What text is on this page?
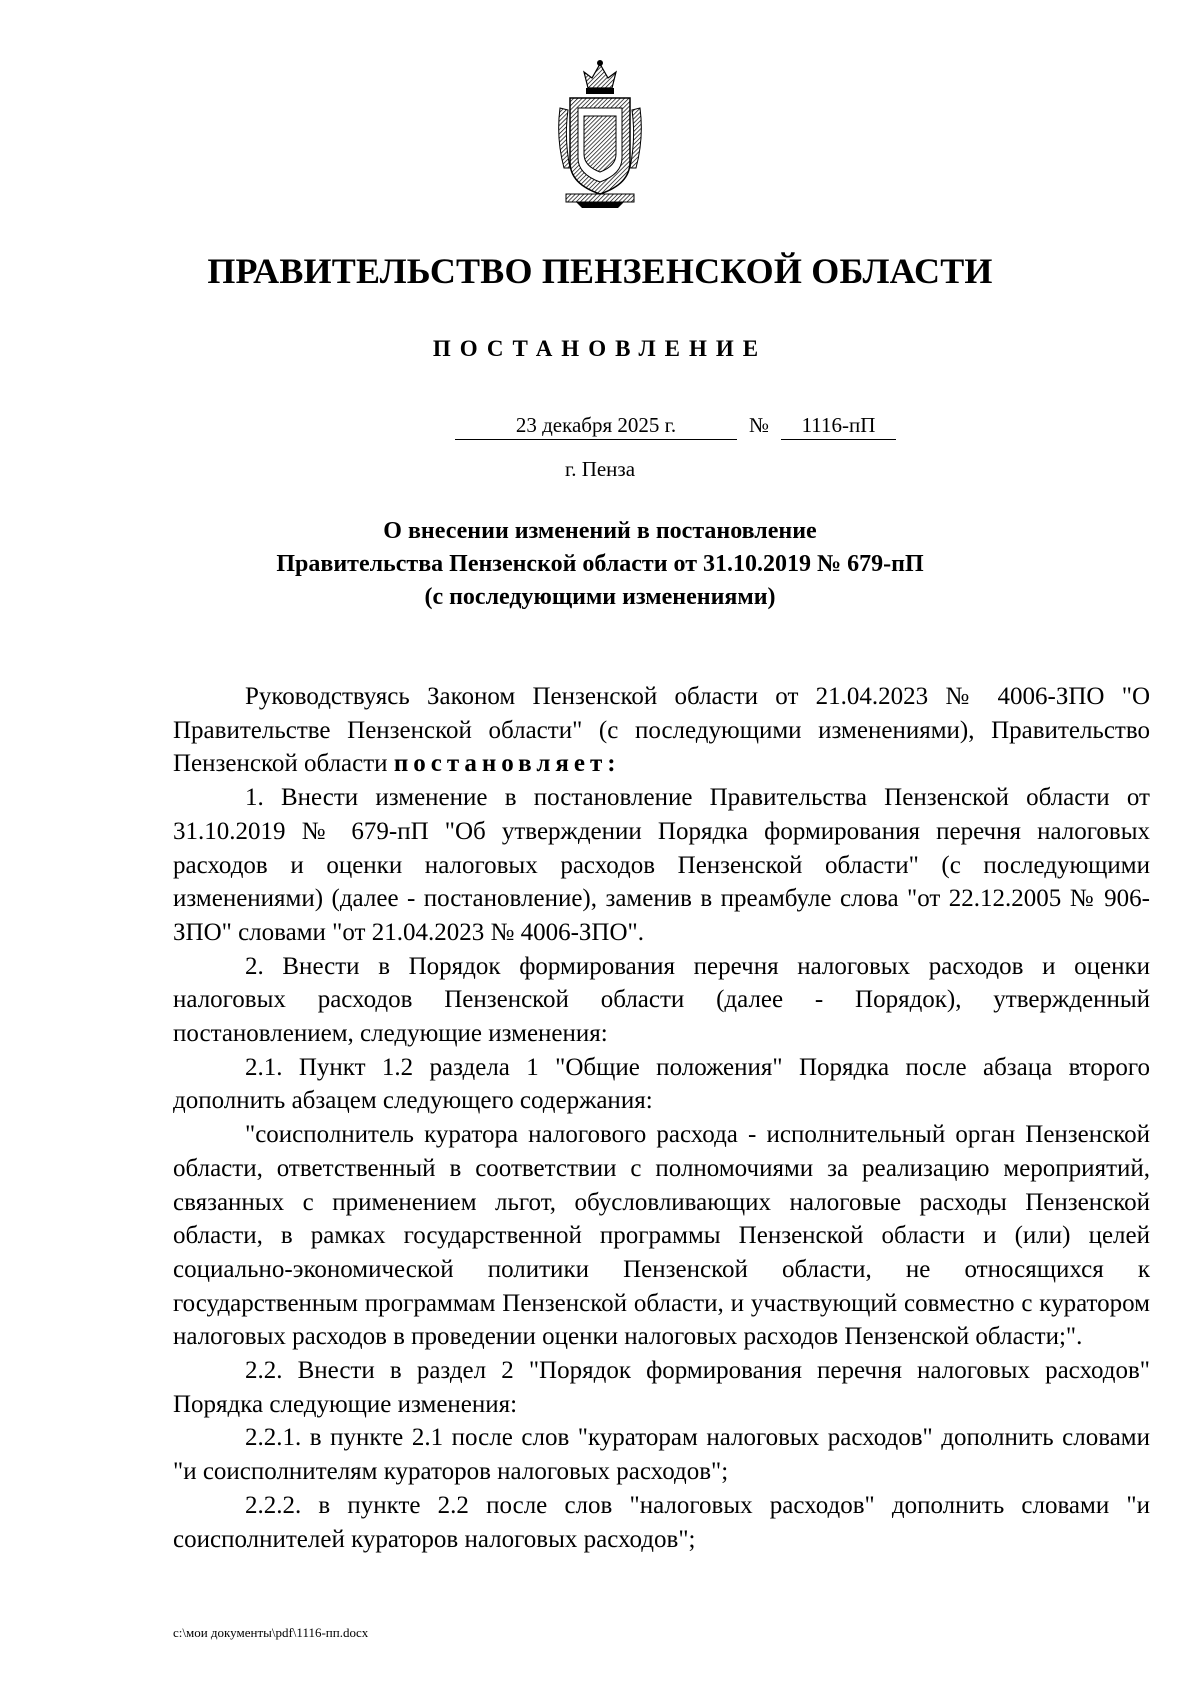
ПРАВИТЕЛЬСТВО ПЕНЗЕНСКОЙ ОБЛАСТИ
ПОСТАНОВЛЕНИЕ
23 декабря 2025 г.	№ 1116-пП
г. Пенза
О внесении изменений в постановление
Правительства Пензенской области от 31.10.2019 № 679-пП
(с последующими изменениями)

Руководствуясь Законом Пензенской области от 21.04.2023 № 4006-ЗПО "О Правительстве Пензенской области" (с последующими изменениями), Правительство Пензенской области постановляет:

1. Внести изменение в постановление Правительства Пензенской области от 31.10.2019 № 679-пП "Об утверждении Порядка формирования перечня налоговых расходов и оценки налоговых расходов Пензенской области" (с последующими изменениями) (далее - постановление), заменив в преамбуле слова "от 22.12.2005 № 906-ЗПО" словами "от 21.04.2023 № 4006-ЗПО".

2. Внести в Порядок формирования перечня налоговых расходов и оценки налоговых расходов Пензенской области (далее - Порядок), утвержденный постановлением, следующие изменения:

2.1. Пункт 1.2 раздела 1 "Общие положения" Порядка после абзаца второго дополнить абзацем следующего содержания:

"соисполнитель куратора налогового расхода - исполнительный орган Пензенской области, ответственный в соответствии с полномочиями за реализацию мероприятий, связанных с применением льгот, обусловливающих налоговые расходы Пензенской области, в рамках государственной программы Пензенской области и (или) целей социально-экономической политики Пензенской области, не относящихся к государственным программам Пензенской области, и участвующий совместно с куратором налоговых расходов в проведении оценки налоговых расходов Пензенской области;".

2.2. Внести в раздел 2 "Порядок формирования перечня налоговых расходов" Порядка следующие изменения:

2.2.1. в пункте 2.1 после слов "кураторам налоговых расходов" дополнить словами "и соисполнителям кураторов налоговых расходов";

2.2.2. в пункте 2.2 после слов "налоговых расходов" дополнить словами "и соисполнителей кураторов налоговых расходов";

c:\мои документы\pdf\1116-пп.docx
